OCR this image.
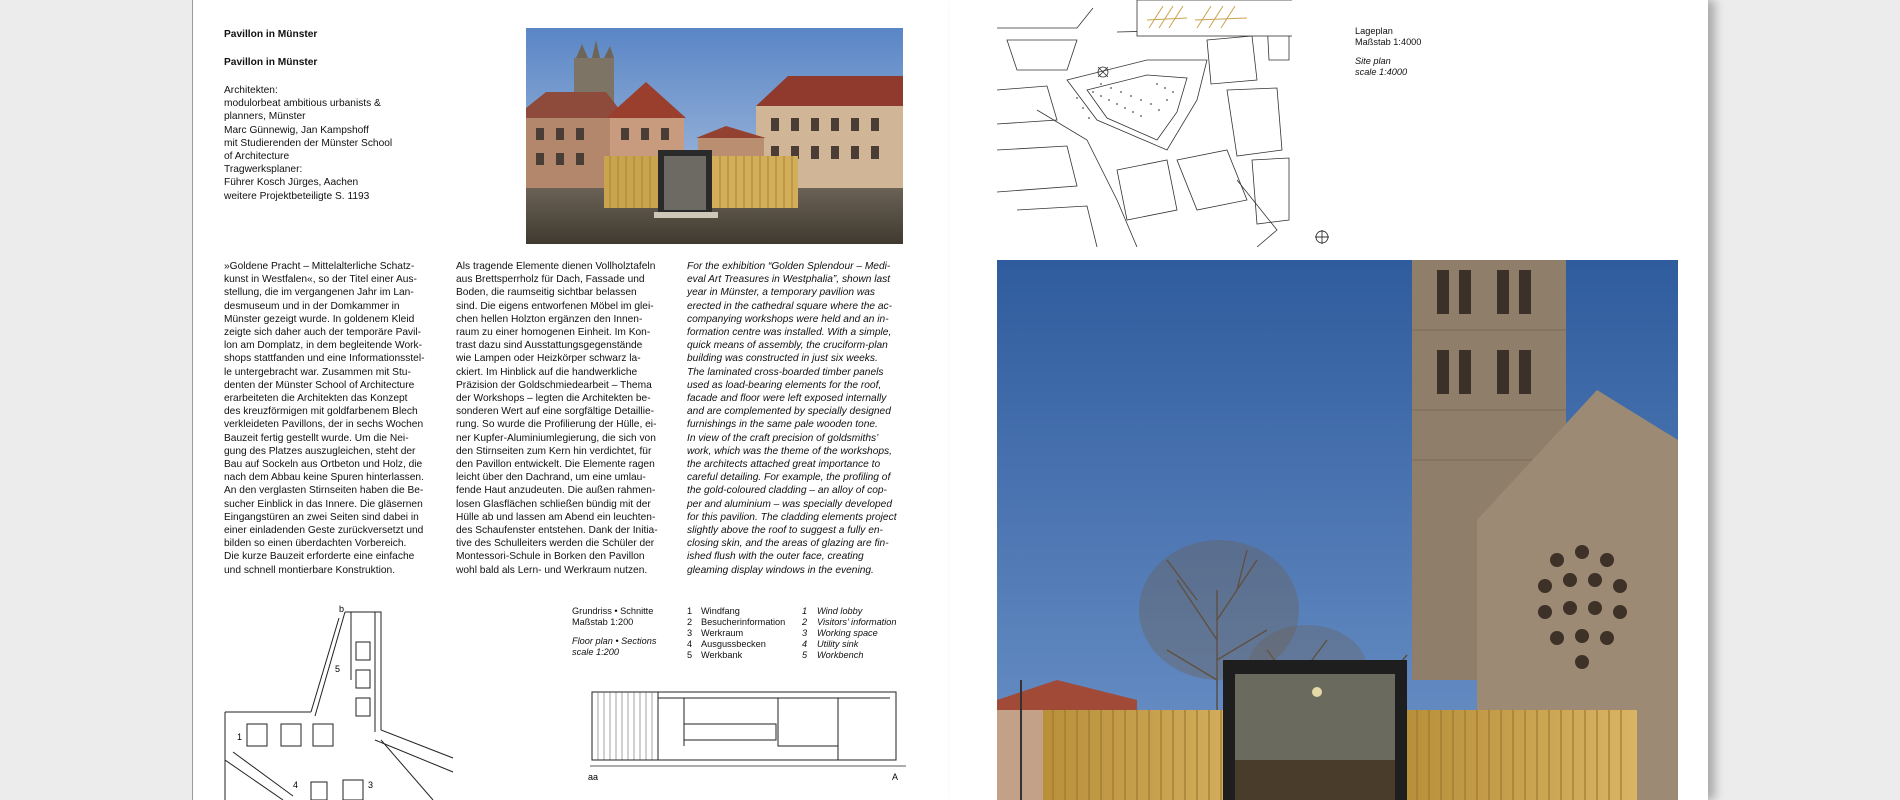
Pavillon in Münster
Pavillon in Münster
Architekten:
modulorbeat ambitious urbanists &
planners, Münster
Marc Günnewig, Jan Kampshoff
mit Studierenden der Münster School
of Architecture
Tragwerksplaner:
Führer Kosch Jürges, Aachen
weitere Projektbeteiligte S. 1193
»Goldene Pracht – Mittelalterliche Schatz-
kunst in Westfalen«, so der Titel einer Aus-
stellung, die im vergangenen Jahr im Lan-
desmuseum und in der Domkammer in
Münster gezeigt wurde. In goldenem Kleid
zeigte sich daher auch der temporäre Pavil-
lon am Domplatz, in dem begleitende Work-
shops stattfanden und eine Informationsstel-
le untergebracht war. Zusammen mit Stu-
denten der Münster School of Architecture
erarbeiteten die Architekten das Konzept
des kreuzförmigen mit goldfarbenem Blech
verkleideten Pavillons, der in sechs Wochen
Bauzeit fertig gestellt wurde. Um die Nei-
gung des Platzes auszugleichen, steht der
Bau auf Sockeln aus Ortbeton und Holz, die
nach dem Abbau keine Spuren hinterlassen.
An den verglasten Stirnseiten haben die Be-
sucher Einblick in das Innere. Die gläsernen
Eingangstüren an zwei Seiten sind dabei in
einer einladenden Geste zurückversetzt und
bilden so einen überdachten Vorbereich.
Die kurze Bauzeit erforderte eine einfache
und schnell montierbare Konstruktion.
Als tragende Elemente dienen Vollholztafeln
aus Brettsperrholz für Dach, Fassade und
Boden, die raumseitig sichtbar belassen
sind. Die eigens entworfenen Möbel im glei-
chen hellen Holzton ergänzen den Innen-
raum zu einer homogenen Einheit. Im Kon-
trast dazu sind Ausstattungsgegenstände
wie Lampen oder Heizkörper schwarz la-
ckiert. Im Hinblick auf die handwerkliche
Präzision der Goldschmiedearbeit – Thema
der Workshops – legten die Architekten be-
sonderen Wert auf eine sorgfältige Detaillie-
rung. So wurde die Profilierung der Hülle, ei-
ner Kupfer-Aluminiumlegierung, die sich von
den Stirnseiten zum Kern hin verdichtet, für
den Pavillon entwickelt. Die Elemente ragen
leicht über den Dachrand, um eine umlau-
fende Haut anzudeuten. Die außen rahmen-
losen Glasflächen schließen bündig mit der
Hülle ab und lassen am Abend ein leuchten-
des Schaufenster entstehen. Dank der Initia-
tive des Schulleiters werden die Schüler der
Montessori-Schule in Borken den Pavillon
wohl bald als Lern- und Werkraum nutzen.
For the exhibition “Golden Splendour – Medi-
eval Art Treasures in Westphalia”, shown last
year in Münster, a temporary pavilion was
erected in the cathedral square where the ac-
companying workshops were held and an in-
formation centre was installed. With a simple,
quick means of assembly, the cruciform-plan
building was constructed in just six weeks.
The laminated cross-boarded timber panels
used as load-bearing elements for the roof,
facade and floor were left exposed internally
and are complemented by specially designed
furnishings in the same pale wooden tone.
In view of the craft precision of goldsmiths’
work, which was the theme of the workshops,
the architects attached great importance to
careful detailing. For example, the profiling of
the gold-coloured cladding – an alloy of cop-
per and aluminium – was specially developed
for this pavilion. The cladding elements project
slightly above the roof to suggest a fully en-
closing skin, and the areas of glazing are fin-
ished flush with the outer face, creating
gleaming display windows in the evening.
Grundriss • Schnitte
Maßstab 1:200
Floor plan • Sections
scale 1:200
1
2
3
4
5
Windfang
Besucherinformation
Werkraum
Ausgussbecken
Werkbank
1
2
3
4
5
Wind lobby
Visitors’ information
Working space
Utility sink
Workbench
b
1
4
5
3
aa	A
Lageplan
Maßstab 1:4000
Site plan
scale 1:4000
